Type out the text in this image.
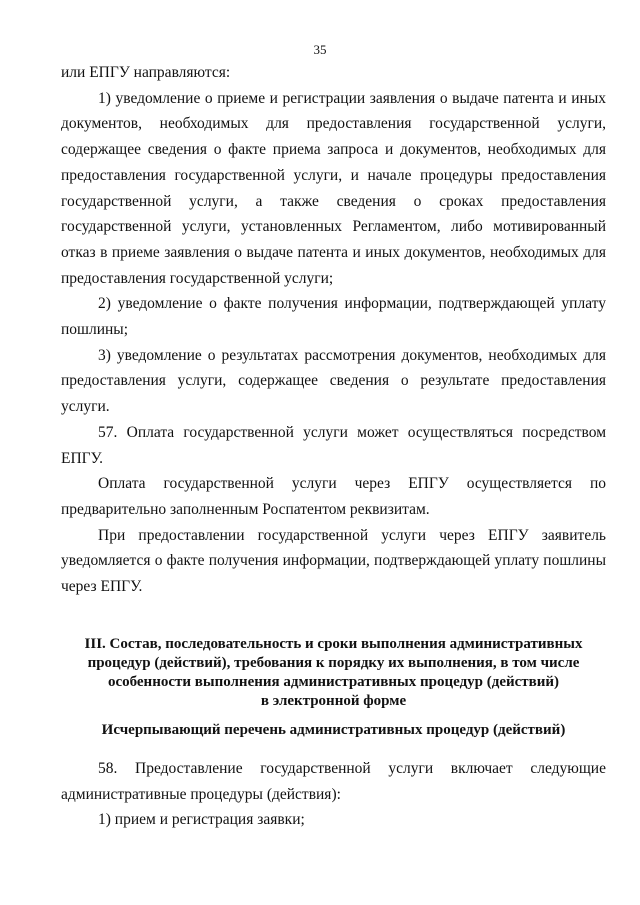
35

или ЕПГУ направляются:

1) уведомление о приеме и регистрации заявления о выдаче патента и иных документов, необходимых для предоставления государственной услуги, содержащее сведения о факте приема запроса и документов, необходимых для предоставления государственной услуги, и начале процедуры предоставления государственной услуги, а также сведения о сроках предоставления государственной услуги, установленных Регламентом, либо мотивированный отказ в приеме заявления о выдаче патента и иных документов, необходимых для предоставления государственной услуги;

2) уведомление о факте получения информации, подтверждающей уплату пошлины;

3) уведомление о результатах рассмотрения документов, необходимых для предоставления услуги, содержащее сведения о результате предоставления услуги.

57. Оплата государственной услуги может осуществляться посредством ЕПГУ.

Оплата государственной услуги через ЕПГУ осуществляется по предварительно заполненным Роспатентом реквизитам.

При предоставлении государственной услуги через ЕПГУ заявитель уведомляется о факте получения информации, подтверждающей уплату пошлины через ЕПГУ.

III. Состав, последовательность и сроки выполнения административных
процедур (действий), требования к порядку их выполнения, в том числе
особенности выполнения административных процедур (действий)
в электронной форме
Исчерпывающий перечень административных процедур (действий)

58. Предоставление государственной услуги включает следующие административные процедуры (действия):

1) прием и регистрация заявки;
